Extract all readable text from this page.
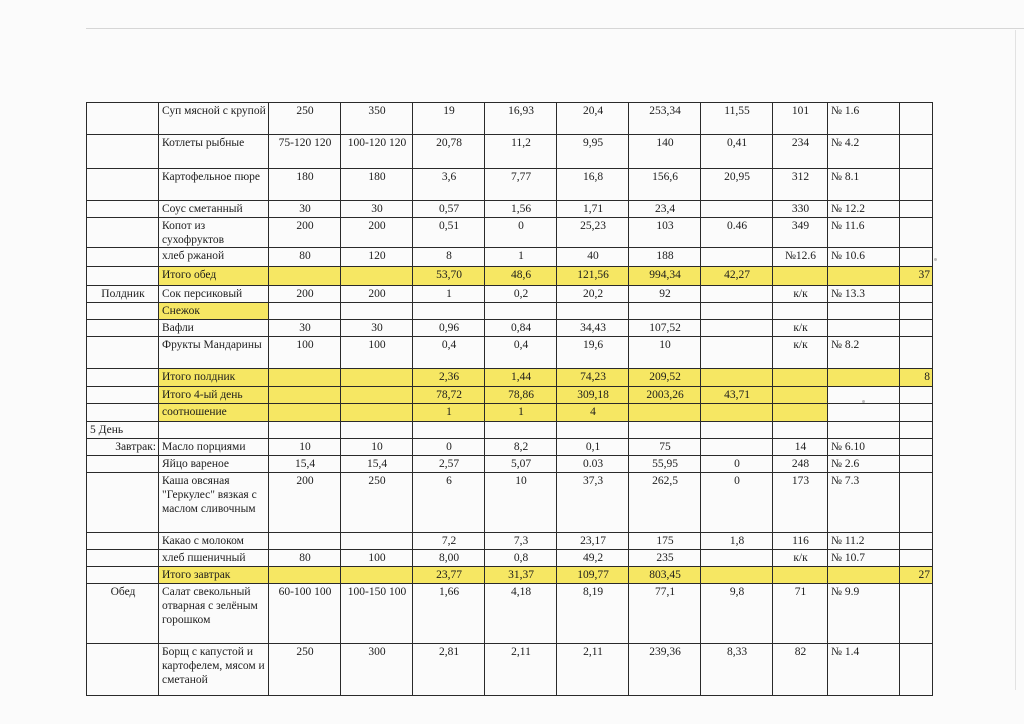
	Суп мясной с крупой	250	350	19	16,93	20,4	253,34	11,55	101	№ 1.6	
	Котлеты рыбные	75-120 120	100-120 120	20,78	11,2	9,95	140	0,41	234	№ 4.2	
	Картофельное пюре	180	180	3,6	7,77	16,8	156,6	20,95	312	№ 8.1	
	Соус сметанный	30	30	0,57	1,56	1,71	23,4		330	№ 12.2	
	Копот из сухофруктов	200	200	0,51	0	25,23	103	0.46	349	№ 11.6	
	хлеб ржаной	80	120	8	1	40	188		№12.6	№ 10.6	
	Итого обед			53,70	48,6	121,56	994,34	42,27			37
Полдник	Сок персиковый	200	200	1	0,2	20,2	92		к/к	№ 13.3	
	Снежок										
	Вафли	30	30	0,96	0,84	34,43	107,52		к/к		
	Фрукты Мандарины	100	100	0,4	0,4	19,6	10		к/к	№ 8.2	
	Итого полдник			2,36	1,44	74,23	209,52				8
	Итого 4-ый день			78,72	78,86	309,18	2003,26	43,71			
	соотношение			1	1	4					
5 День											
Завтрак:	Масло порциями	10	10	0	8,2	0,1	75		14	№ 6.10	
	Яйцо вареное	15,4	15,4	2,57	5,07	0.03	55,95	0	248	№ 2.6	
	Каша овсяная "Геркулес" вязкая с маслом сливочным	200	250	6	10	37,3	262,5	0	173	№ 7.3	
	Какао с молоком			7,2	7,3	23,17	175	1,8	116	№ 11.2	
	хлеб пшеничный	80	100	8,00	0,8	49,2	235		к/к	№ 10.7	
	Итого завтрак			23,77	31,37	109,77	803,45				27
Обед	Салат свекольный отварная с зелёным горошком	60-100 100	100-150 100	1,66	4,18	8,19	77,1	9,8	71	№ 9.9	
	Борщ с капустой и картофелем, мясом и сметаной	250	300	2,81	2,11	2,11	239,36	8,33	82	№ 1.4	
